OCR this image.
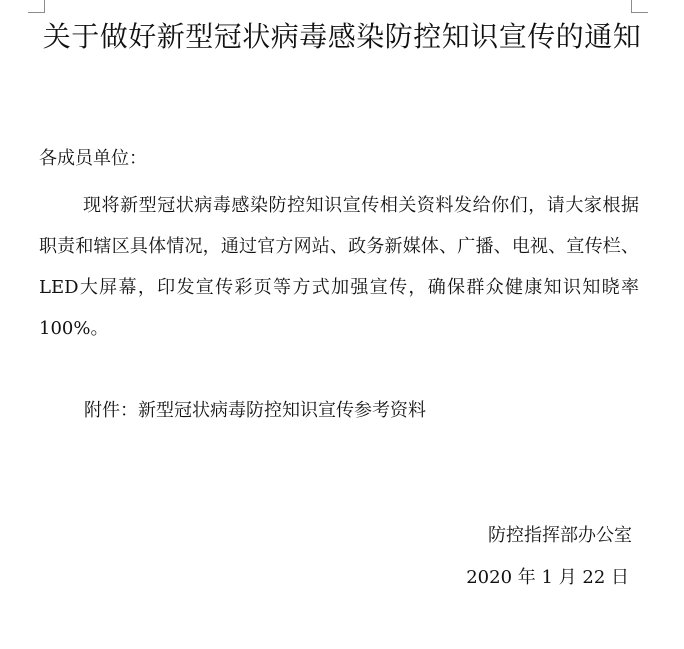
关于做好新型冠状病毒感染防控知识宣传的通知
各成员单位：
现将新型冠状病毒感染防控知识宣传相关资料发给你们，请大家根据职责和辖区具体情况，通过官方网站、政务新媒体、广播、电视、宣传栏、LED大屏幕，印发宣传彩页等方式加强宣传，确保群众健康知识知晓率100%。
附件：新型冠状病毒防控知识宣传参考资料
防控指挥部办公室
2020 年 1 月 22 日
